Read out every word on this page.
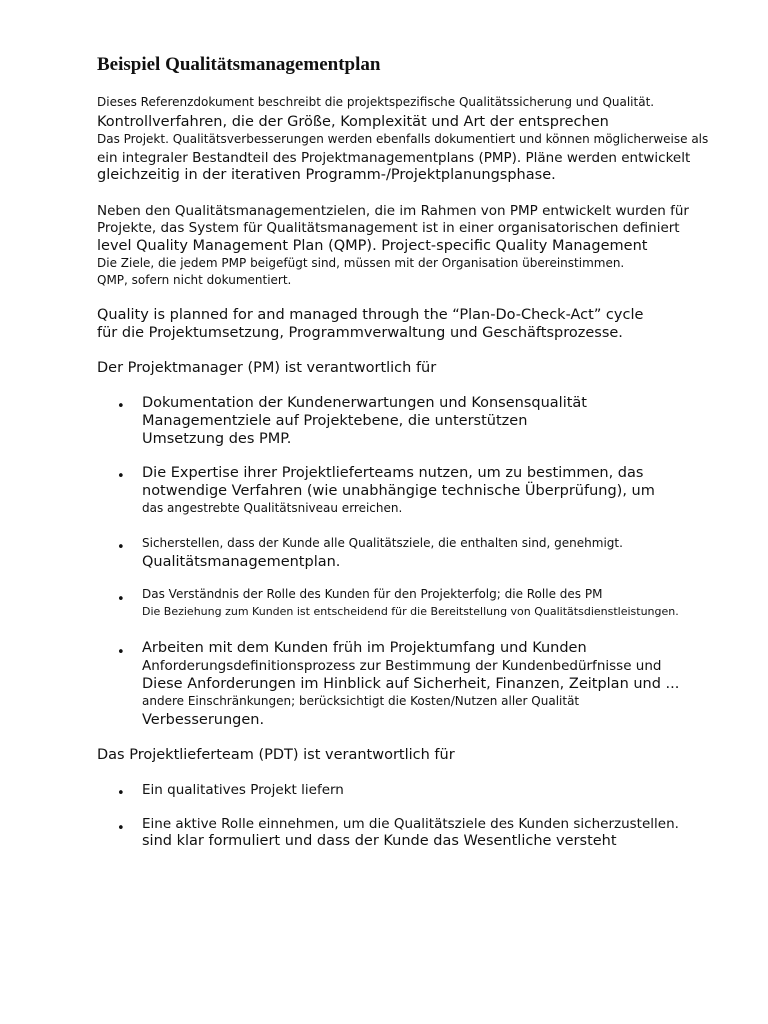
Beispiel Qualitätsmanagementplan
Dieses Referenzdokument beschreibt die projektspezifische Qualitätssicherung und Qualität.
Kontrollverfahren, die der Größe, Komplexität und Art der entsprechen
Das Projekt. Qualitätsverbesserungen werden ebenfalls dokumentiert und können möglicherweise als
ein integraler Bestandteil des Projektmanagementplans (PMP). Pläne werden entwickelt
gleichzeitig in der iterativen Programm-/Projektplanungsphase.
Neben den Qualitätsmanagementzielen, die im Rahmen von PMP entwickelt wurden für
Projekte, das System für Qualitätsmanagement ist in einer organisatorischen definiert
level Quality Management Plan (QMP). Project-specific Quality Management
Die Ziele, die jedem PMP beigefügt sind, müssen mit der Organisation übereinstimmen.
QMP, sofern nicht dokumentiert.
Quality is planned for and managed through the “Plan-Do-Check-Act” cycle
für die Projektumsetzung, Programmverwaltung und Geschäftsprozesse.
Der Projektmanager (PM) ist verantwortlich für
• Dokumentation der Kundenerwartungen und Konsensqualität
Managementziele auf Projektebene, die unterstützen
Umsetzung des PMP.
• Die Expertise ihrer Projektlieferteams nutzen, um zu bestimmen, das
notwendige Verfahren (wie unabhängige technische Überprüfung), um
das angestrebte Qualitätsniveau erreichen.
• Sicherstellen, dass der Kunde alle Qualitätsziele, die enthalten sind, genehmigt.
Qualitätsmanagementplan.
• Das Verständnis der Rolle des Kunden für den Projekterfolg; die Rolle des PM
Die Beziehung zum Kunden ist entscheidend für die Bereitstellung von Qualitätsdienstleistungen.
• Arbeiten mit dem Kunden früh im Projektumfang und Kunden
Anforderungsdefinitionsprozess zur Bestimmung der Kundenbedürfnisse und
Diese Anforderungen im Hinblick auf Sicherheit, Finanzen, Zeitplan und ...
andere Einschränkungen; berücksichtigt die Kosten/Nutzen aller Qualität
Verbesserungen.
Das Projektlieferteam (PDT) ist verantwortlich für
• Ein qualitatives Projekt liefern
• Eine aktive Rolle einnehmen, um die Qualitätsziele des Kunden sicherzustellen.
sind klar formuliert und dass der Kunde das Wesentliche versteht
